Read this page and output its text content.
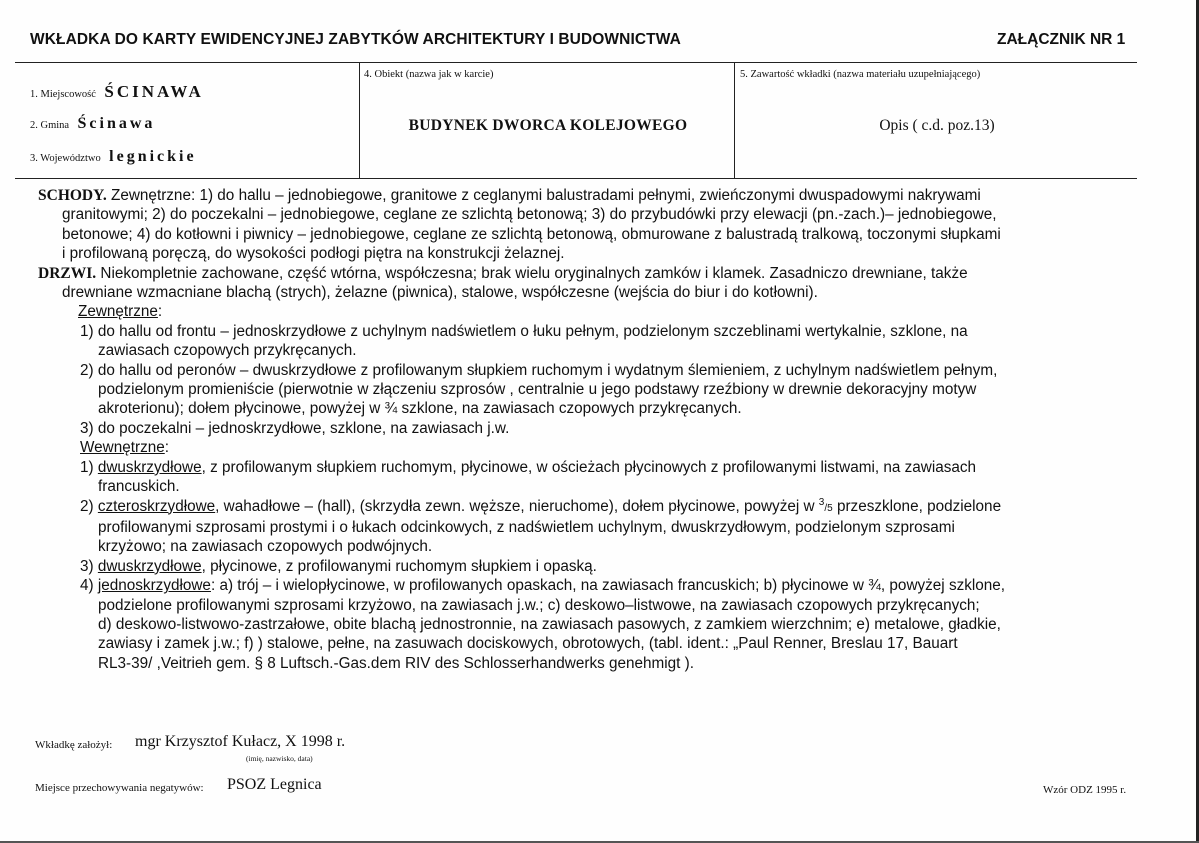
WKŁADKA DO KARTY EWIDENCYJNEJ ZABYTKÓW ARCHITEKTURY I BUDOWNICTWA	ZAŁĄCZNIK NR 1
1. Miejscowość ŚCINAWA
2. Gmina Ścinawa
3. Województwo legnickie
4. Obiekt (nazwa jak w karcie)
BUDYNEK DWORCA KOLEJOWEGO
5. Zawartość wkładki (nazwa materiału uzupełniającego)
Opis ( c.d. poz.13)

SCHODY. Zewnętrzne: 1) do hallu – jednobiegowe, granitowe z ceglanymi balustradami pełnymi, zwieńczonymi dwuspadowymi nakrywami

granitowymi; 2) do poczekalni – jednobiegowe, ceglane ze szlichtą betonową; 3) do przybudówki przy elewacji (pn.-zach.)– jednobiegowe,

betonowe; 4) do kotłowni i piwnicy – jednobiegowe, ceglane ze szlichtą betonową, obmurowane z balustradą tralkową, toczonymi słupkami

i profilowaną poręczą, do wysokości podłogi piętra na konstrukcji żelaznej.

DRZWI. Niekompletnie zachowane, część wtórna, współczesna; brak wielu oryginalnych zamków i klamek. Zasadniczo drewniane, także

drewniane wzmacniane blachą (strych), żelazne (piwnica), stalowe, współczesne (wejścia do biur i do kotłowni).

Zewnętrzne:

1) do hallu od frontu – jednoskrzydłowe z uchylnym nadświetlem o łuku pełnym, podzielonym szczeblinami wertykalnie, szklone, na

zawiasach czopowych przykręcanych.

2) do hallu od peronów – dwuskrzydłowe z profilowanym słupkiem ruchomym i wydatnym ślemieniem, z uchylnym nadświetlem pełnym,

podzielonym promieniście (pierwotnie w złączeniu szprosów , centralnie u jego podstawy rzeźbiony w drewnie dekoracyjny motyw

akroterionu); dołem płycinowe, powyżej w ¾ szklone, na zawiasach czopowych przykręcanych.

3) do poczekalni – jednoskrzydłowe, szklone, na zawiasach j.w.

Wewnętrzne:

1) dwuskrzydłowe, z profilowanym słupkiem ruchomym, płycinowe, w ościeżach płycinowych z profilowanymi listwami, na zawiasach

francuskich.

2) czteroskrzydłowe, wahadłowe – (hall), (skrzydła zewn. węższe, nieruchome), dołem płycinowe, powyżej w $^3$/5 przeszklone, podzielone

profilowanymi szprosami prostymi i o łukach odcinkowych, z nadświetlem uchylnym, dwuskrzydłowym, podzielonym szprosami

krzyżowo; na zawiasach czopowych podwójnych.

3) dwuskrzydłowe, płycinowe, z profilowanymi ruchomym słupkiem i opaską.

4) jednoskrzydłowe: a) trój – i wielopłycinowe, w profilowanych opaskach, na zawiasach francuskich; b) płycinowe w ¾, powyżej szklone,

podzielone profilowanymi szprosami krzyżowo, na zawiasach j.w.; c) deskowo–listwowe, na zawiasach czopowych przykręcanych;

d) deskowo-listwowo-zastrzałowe, obite blachą jednostronnie, na zawiasach pasowych, z zamkiem wierzchnim; e) metalowe, gładkie,

zawiasy i zamek j.w.; f) ) stalowe, pełne, na zasuwach dociskowych, obrotowych, (tabl. ident.: „Paul Renner, Breslau 17, Bauart

RL3-39/ ,Veitrieh gem. § 8 Luftsch.-Gas.dem RIV des Schlosserhandwerks genehmigt ).

Wkładkę założył: mgr Krzysztof Kułacz, X 1998 r.
(imię, nazwisko, data)
Miejsce przechowywania negatywów: PSOZ Legnica	Wzór ODZ 1995 r.
